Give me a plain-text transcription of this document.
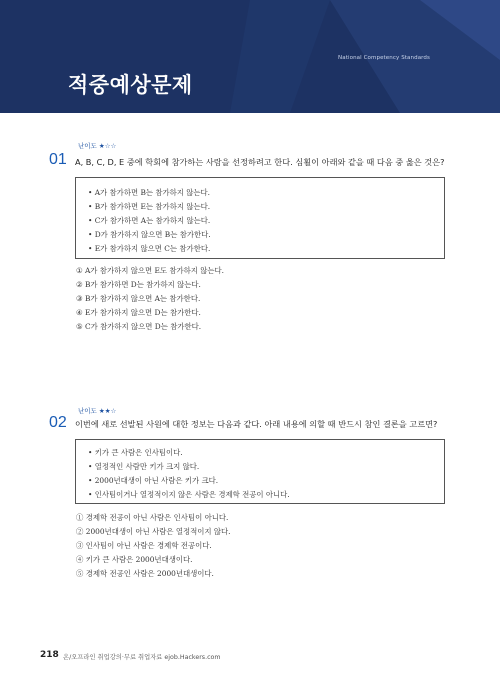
National Competency Standards
적중예상문제
난이도 ★☆☆
01 A, B, C, D, E 중에 학회에 참가하는 사람을 선정하려고 한다. 심횔이 아래와 같을 때 다음 중 옳은 것은?
• A가 참가하면 B는 참가하지 않는다.
• B가 참가하면 E는 참가하지 않는다.
• C가 참가하면 A는 참가하지 않는다.
• D가 참가하지 않으면 B는 참가한다.
• E가 참가하지 않으면 C는 참가한다.
① A가 참가하지 않으면 E도 참가하지 않는다.
② B가 참가하면 D는 참가하지 않는다.
③ B가 참가하지 않으면 A는 참가한다.
④ E가 참가하지 않으면 D는 참가한다.
⑤ C가 참가하지 않으면 D는 참가한다.
난이도 ★★☆
02 이번에 새로 선발된 사원에 대한 정보는 다음과 같다. 아래 내용에 의할 때 반드시 참인 결론을 고르면?
• 키가 큰 사람은 인사팀이다.
• 열정적인 사람만 키가 크지 않다.
• 2000년대생이 아닌 사람은 키가 크다.
• 인사팀이거나 열정적이지 않은 사람은 경제학 전공이 아니다.
① 경제학 전공이 아닌 사람은 인사팀이 아니다.
② 2000년대생이 아닌 사람은 열정적이지 않다.
③ 인사팀이 아닌 사람은 경제학 전공이다.
④ 키가 큰 사람은 2000년대생이다.
⑤ 경제학 전공인 사람은 2000년대생이다.
218 온/오프라인 취업강의·무료 취업자료 ejob.Hackers.com
